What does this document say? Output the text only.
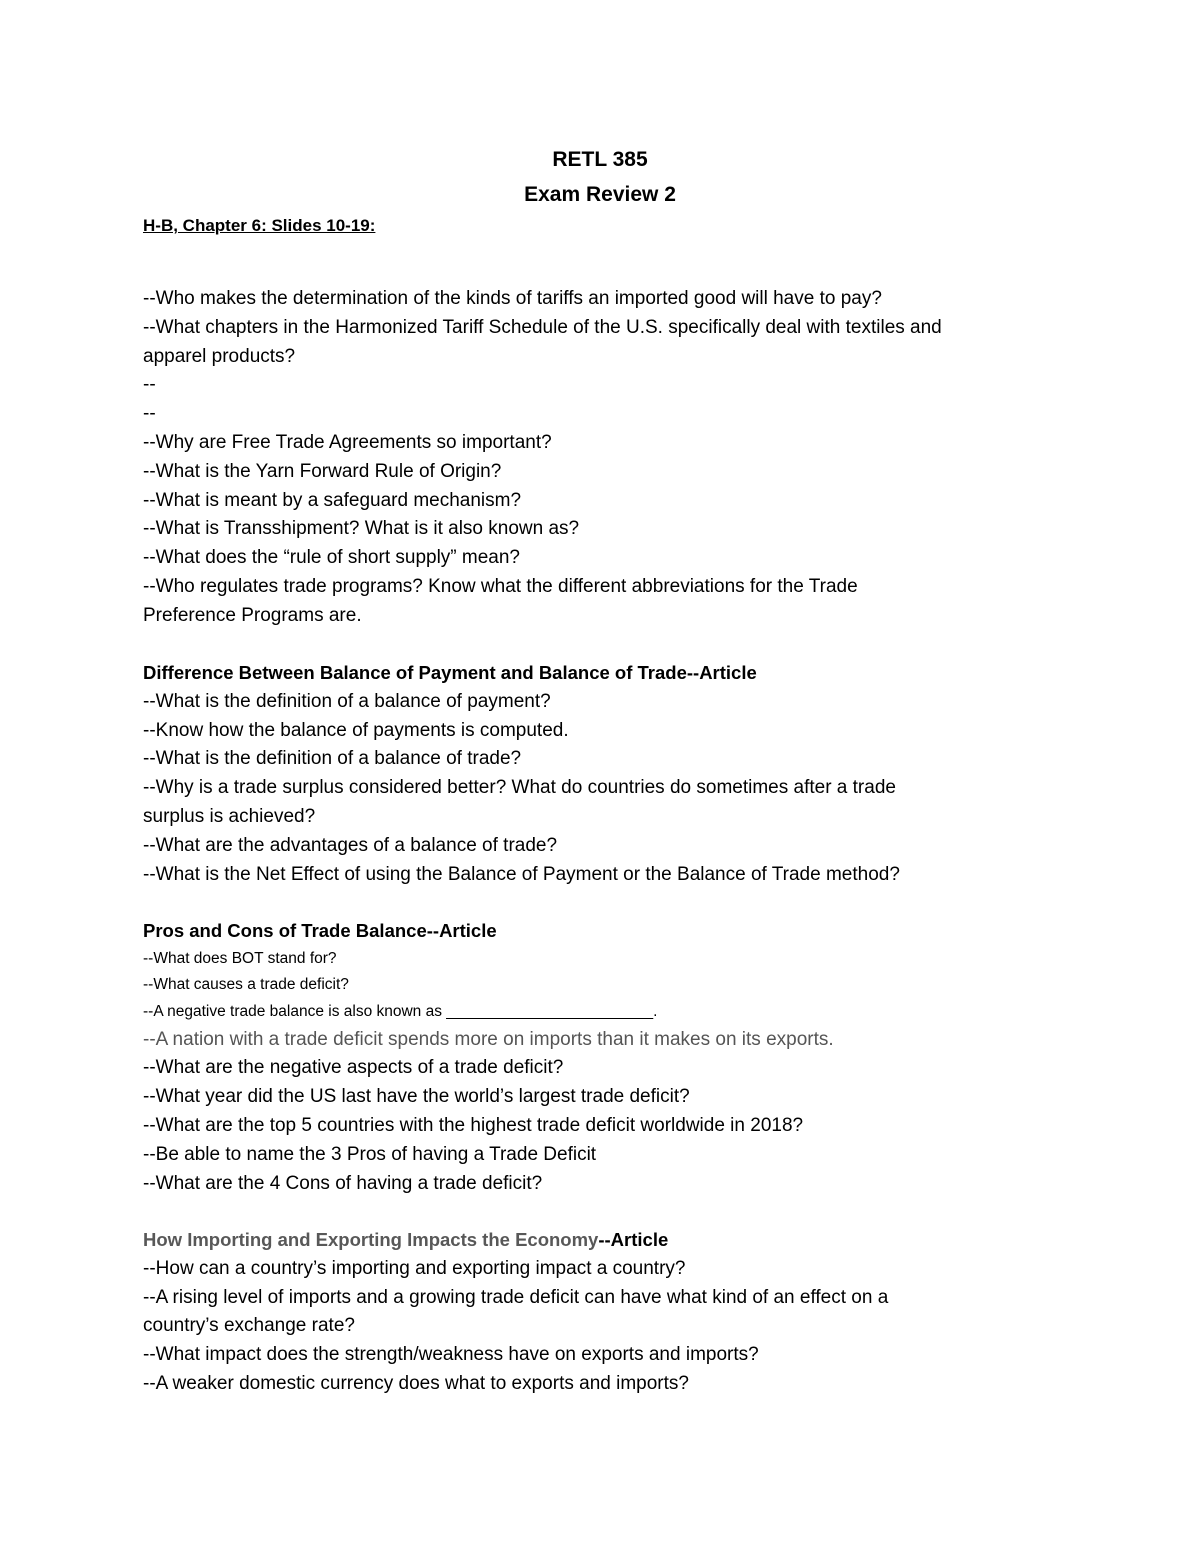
RETL 385
Exam Review 2
H-B, Chapter 6: Slides 10-19:
--Who makes the determination of the kinds of tariffs an imported good will have to pay?
--What chapters in the Harmonized Tariff Schedule of the U.S. specifically deal with textiles and
apparel products?
--
--
--Why are Free Trade Agreements so important?
--What is the Yarn Forward Rule of Origin?
--What is meant by a safeguard mechanism?
--What is Transshipment? What is it also known as?
--What does the “rule of short supply” mean?
--Who regulates trade programs? Know what the different abbreviations for the Trade
Preference Programs are.
Difference Between Balance of Payment and Balance of Trade--Article
--What is the definition of a balance of payment?
--Know how the balance of payments is computed.
--What is the definition of a balance of trade?
--Why is a trade surplus considered better? What do countries do sometimes after a trade
surplus is achieved?
--What are the advantages of a balance of trade?
--What is the Net Effect of using the Balance of Payment or the Balance of Trade method?
Pros and Cons of Trade Balance--Article
--What does BOT stand for?
--What causes a trade deficit?
--A negative trade balance is also known as ________________________.
--A nation with a trade deficit spends more on imports than it makes on its exports.
--What are the negative aspects of a trade deficit?
--What year did the US last have the world’s largest trade deficit?
--What are the top 5 countries with the highest trade deficit worldwide in 2018?
--Be able to name the 3 Pros of having a Trade Deficit
--What are the 4 Cons of having a trade deficit?
How Importing and Exporting Impacts the Economy--Article
--How can a country’s importing and exporting impact a country?
--A rising level of imports and a growing trade deficit can have what kind of an effect on a
country’s exchange rate?
--What impact does the strength/weakness have on exports and imports?
--A weaker domestic currency does what to exports and imports?
